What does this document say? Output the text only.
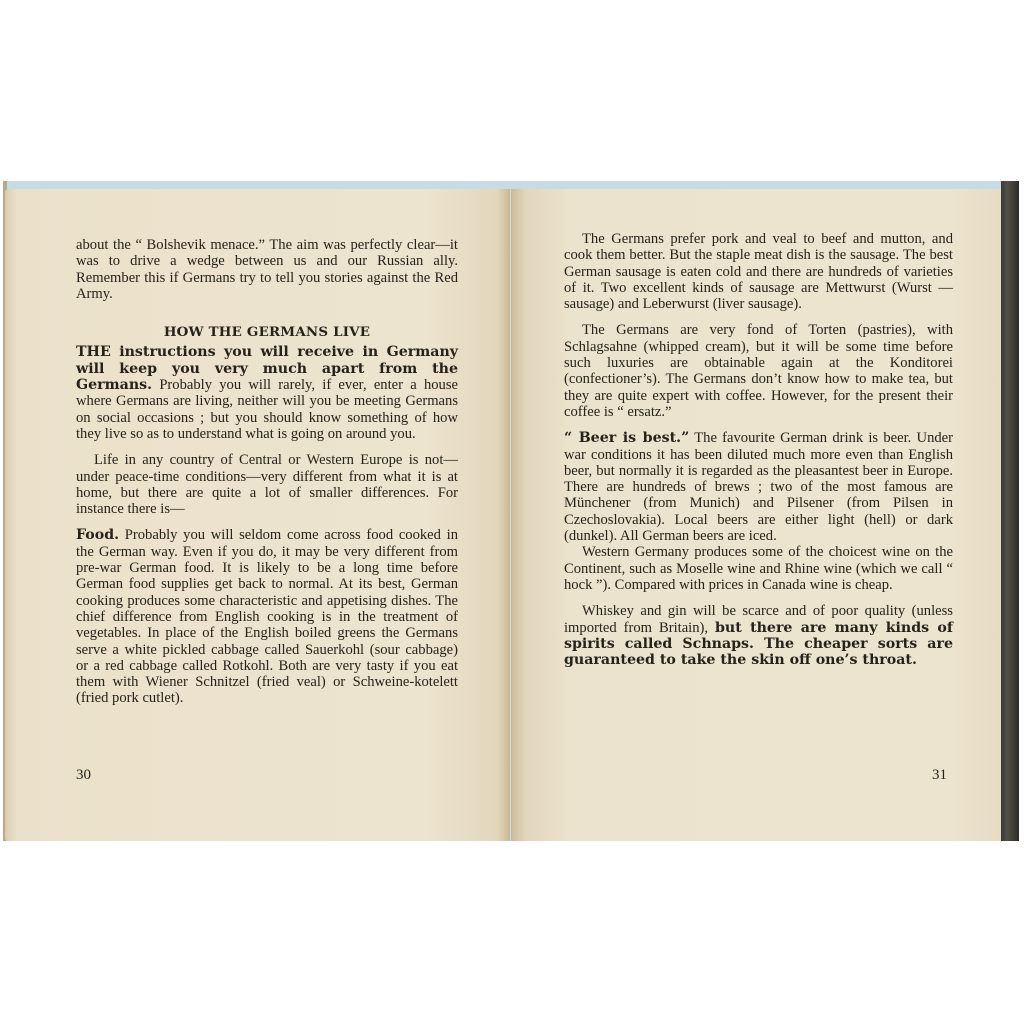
about the “ Bolshevik menace.” The aim was perfectly clear—it was to drive a wedge between us and our Russian ally. Remember this if Germans try to tell you stories against the Red Army.

HOW THE GERMANS LIVE

THE instructions you will receive in Germany will keep you very much apart from the Germans. Probably you will rarely, if ever, enter a house where Germans are living, neither will you be meeting Germans on social occasions ; but you should know something of how they live so as to understand what is going on around you.

Life in any country of Central or Western Europe is not—under peace-time conditions—very different from what it is at home, but there are quite a lot of smaller differences. For instance there is—

Food. Probably you will seldom come across food cooked in the German way. Even if you do, it may be very different from pre-war German food. It is likely to be a long time before German food supplies get back to normal. At its best, German cooking produces some characteristic and appetising dishes. The chief difference from English cooking is in the treatment of vegetables. In place of the English boiled greens the Germans serve a white pickled cabbage called Sauerkohl (sour cabbage) or a red cabbage called Rotkohl. Both are very tasty if you eat them with Wiener Schnitzel (fried veal) or Schweine-kotelett (fried pork cutlet).

30

The Germans prefer pork and veal to beef and mutton, and cook them better. But the staple meat dish is the sausage. The best German sausage is eaten cold and there are hundreds of varieties of it. Two excellent kinds of sausage are Mettwurst (Wurst — sausage) and Leberwurst (liver sausage).

The Germans are very fond of Torten (pastries), with Schlagsahne (whipped cream), but it will be some time before such luxuries are obtainable again at the Konditorei (confectioner’s). The Germans don’t know how to make tea, but they are quite expert with coffee. However, for the present their coffee is “ ersatz.”

“ Beer is best.” The favourite German drink is beer. Under war conditions it has been diluted much more even than English beer, but normally it is regarded as the pleasantest beer in Europe. There are hundreds of brews ; two of the most famous are Münchener (from Munich) and Pilsener (from Pilsen in Czechoslovakia). Local beers are either light (hell) or dark (dunkel). All German beers are iced.

Western Germany produces some of the choicest wine on the Continent, such as Moselle wine and Rhine wine (which we call “ hock ”). Compared with prices in Canada wine is cheap.

Whiskey and gin will be scarce and of poor quality (unless imported from Britain), but there are many kinds of spirits called Schnaps. The cheaper sorts are guaranteed to take the skin off one’s throat.

31
